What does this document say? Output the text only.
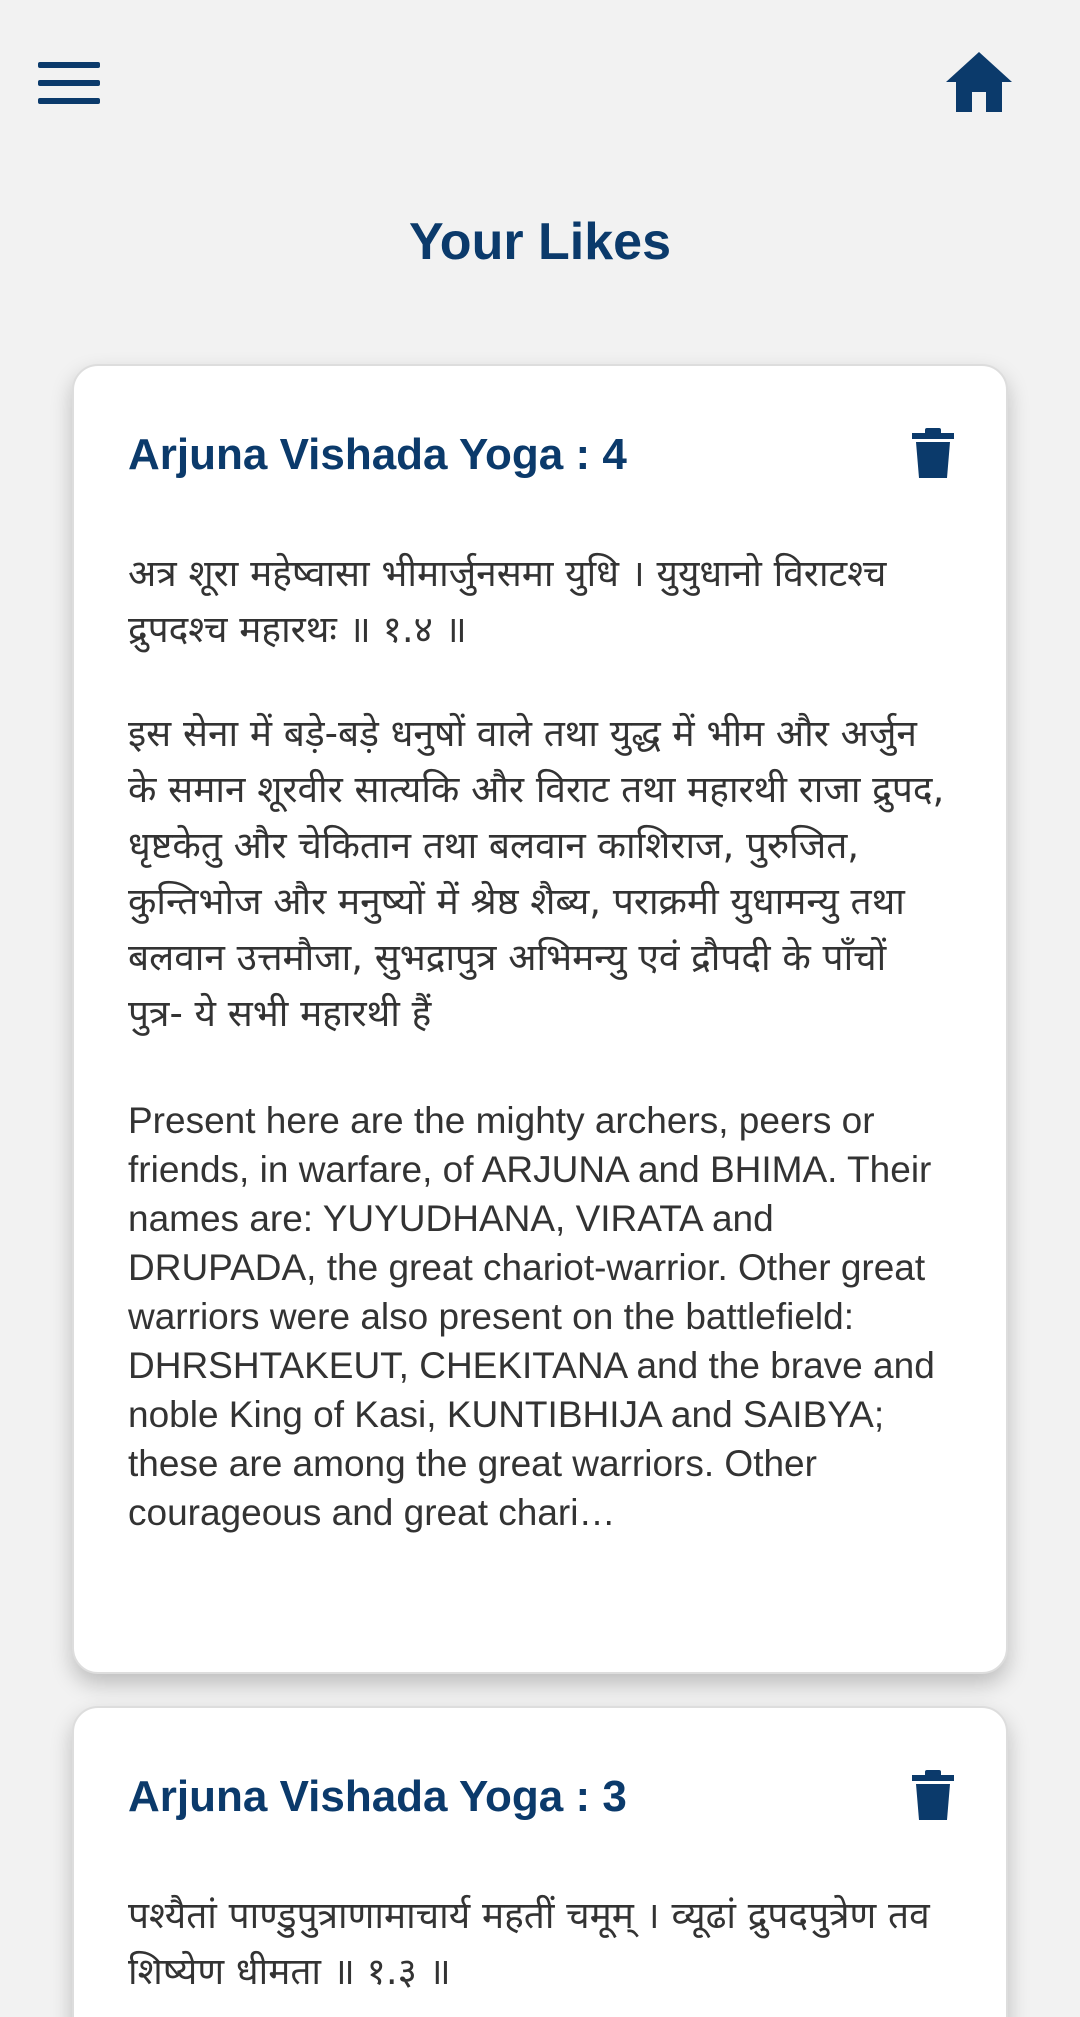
Your Likes
Arjuna Vishada Yoga : 4
अत्र शूरा महेष्वासा भीमार्जुनसमा युधि । युयुधानो विराटश्च द्रुपदश्च महारथः ॥ १.४ ॥
इस सेना में बड़े-बड़े धनुषों वाले तथा युद्ध में भीम और अर्जुन के समान शूरवीर सात्यकि और विराट तथा महारथी राजा द्रुपद, धृष्टकेतु और चेकितान तथा बलवान काशिराज, पुरुजित, कुन्तिभोज और मनुष्यों में श्रेष्ठ शैब्य, पराक्रमी युधामन्यु तथा बलवान उत्तमौजा, सुभद्रापुत्र अभिमन्यु एवं द्रौपदी के पाँचों पुत्र- ये सभी महारथी हैं
Present here are the mighty archers, peers or friends, in warfare, of ARJUNA and BHIMA. Their names are: YUYUDHANA, VIRATA and DRUPADA, the great chariot-warrior. Other great warriors were also present on the battlefield: DHRSHTAKEUT, CHEKITANA and the brave and noble King of Kasi, KUNTIBHIJA and SAIBYA; these are among the great warriors. Other courageous and great chari…
Arjuna Vishada Yoga : 3
पश्यैतां पाण्डुपुत्राणामाचार्य महतीं चमूम् । व्यूढां द्रुपदपुत्रेण तव शिष्येण धीमता ॥ १.३ ॥
